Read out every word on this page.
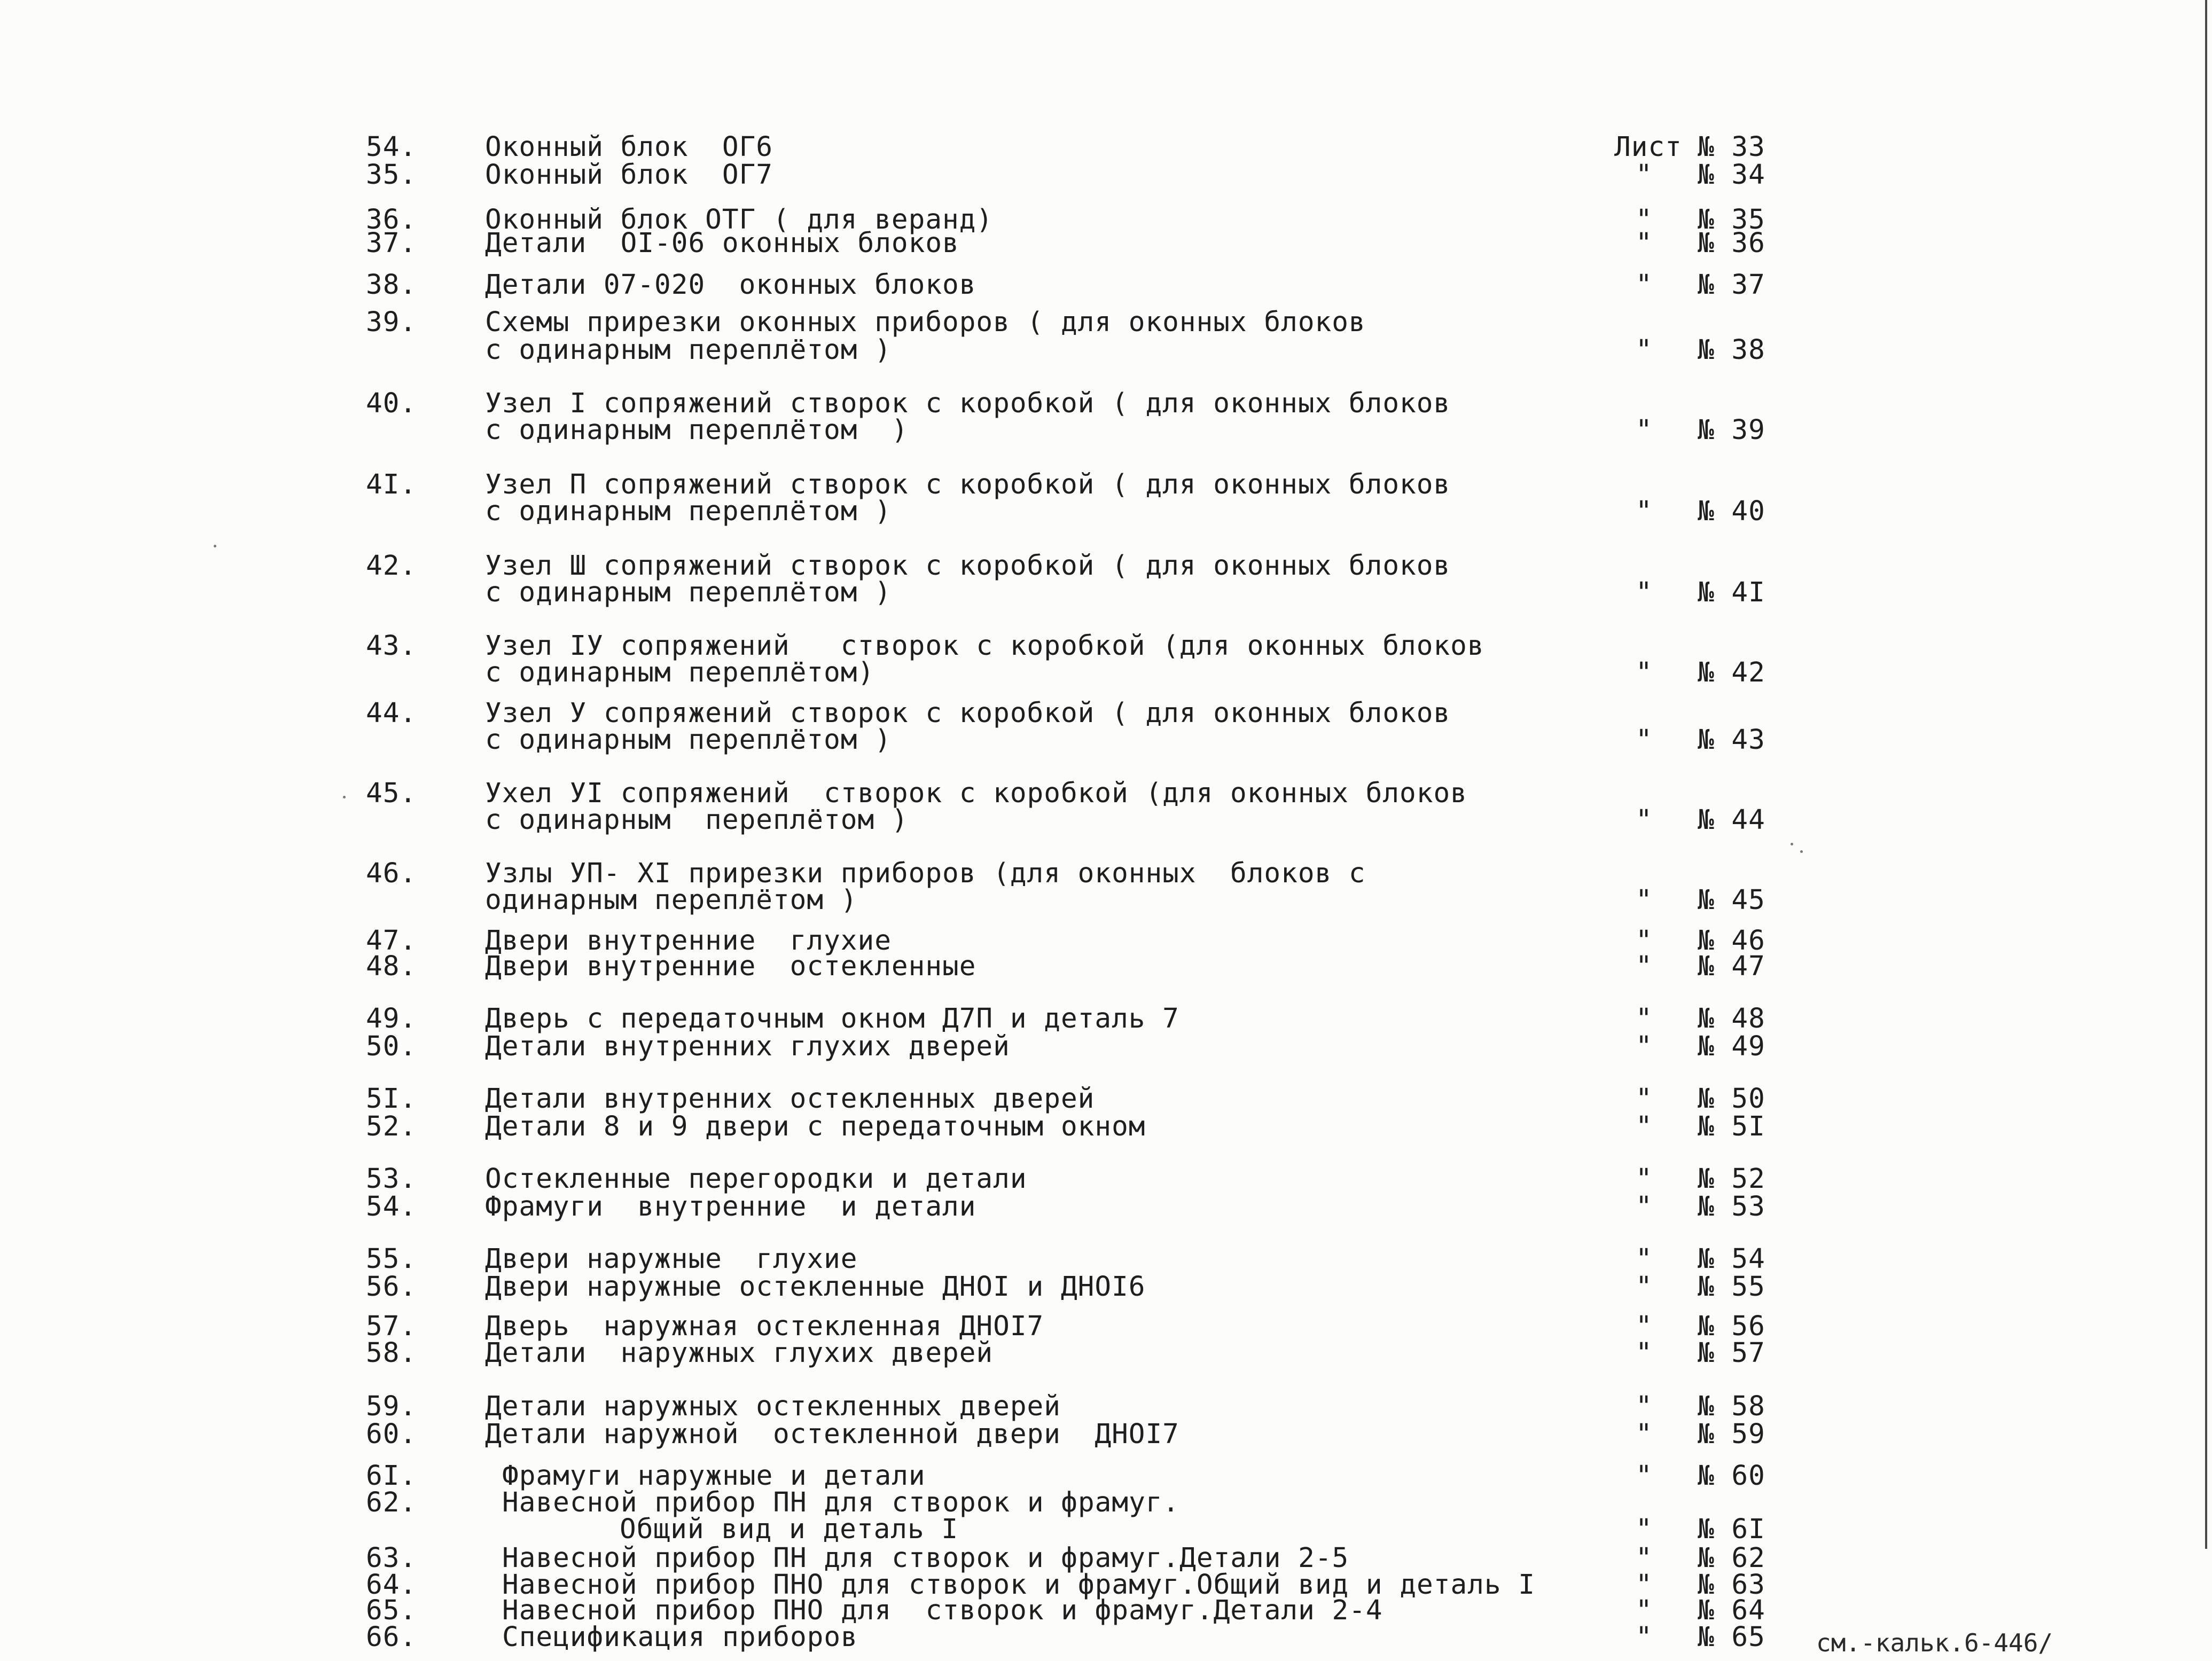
54.	Оконный блок  ОГ6	Лист № 33
35.	Оконный блок  ОГ7	" № 34
36.	Оконный блок ОТГ ( для веранд)	" № 35
37.	Детали  ОI-06 оконных блоков	" № 36
38.	Детали 07-020  оконных блоков	" № 37
39.	Схемы прирезки оконных приборов ( для оконных блоков
с одинарным переплётом )	" № 38
40.	Узел I сопряжений створок с коробкой ( для оконных блоков
с одинарным переплётом  )	" № 39
4I.	Узел П сопряжений створок с коробкой ( для оконных блоков
с одинарным переплётом )	" № 40
42.	Узел Ш сопряжений створок с коробкой ( для оконных блоков
с одинарным переплётом )	" № 4I
43.	Узел IУ сопряжений   створок с коробкой (для оконных блоков
с одинарным переплётом)	" № 42
44.	Узел У сопряжений створок с коробкой ( для оконных блоков
с одинарным переплётом )	" № 43
45.	Ухел УI сопряжений  створок с коробкой (для оконных блоков
с одинарным  переплётом )	" № 44
46.	Узлы УП- ХI прирезки приборов (для оконных  блоков с
одинарным переплётом )	" № 45
47.	Двери внутренние  глухие	" № 46
48.	Двери внутренние  остекленные	" № 47
49.	Дверь с передаточным окном Д7П и деталь 7	" № 48
50.	Детали внутренних глухих дверей	" № 49
5I.	Детали внутренних остекленных дверей	" № 50
52.	Детали 8 и 9 двери с передаточным окном	" № 5I
53.	Остекленные перегородки и детали	" № 52
54.	Фрамуги  внутренние  и детали	" № 53
55.	Двери наружные  глухие	" № 54
56.	Двери наружные остекленные ДНОI и ДНОI6	" № 55
57.	Дверь  наружная остекленная ДНОI7	" № 56
58.	Детали  наружных глухих дверей	" № 57
59.	Детали наружных остекленных дверей	" № 58
60.	Детали наружной  остекленной двери  ДНОI7	" № 59
6I.	Фрамуги наружные и детали	" № 60
62.	Навесной прибор ПН для створок и фрамуг.
Общий вид и деталь I	" № 6I
63.	Навесной прибор ПН для створок и фрамуг.Детали 2-5	" № 62
64.	Навесной прибор ПНО для створок и фрамуг.Общий вид и деталь I	" № 63
65.	Навесной прибор ПНО для  створок и фрамуг.Детали 2-4	" № 64
66.	Спецификация приборов	" № 65 см.-кальк.6-446/
